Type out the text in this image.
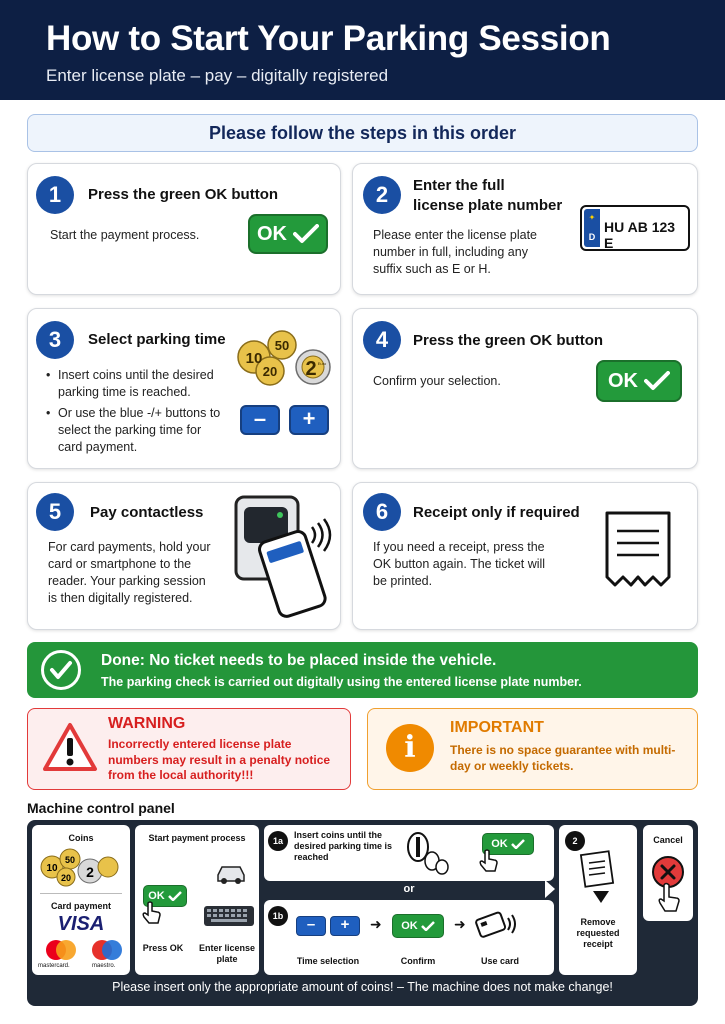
How to Start Your Parking Session
Enter license plate – pay – digitally registered
Please follow the steps in this order
1	Press the green OK button
Start the payment process.	OK
2	Enter the full
license plate number
Please enter the license plate number in full, including any suffix such as E or H.
✦
D
HU AB 123 E
3	Select parking time
• Insert coins until the desired parking time is reached.
• Or use the blue -/+ buttons to select the parking time for card payment.
10
50
20 2 Euro
–	+
4	Press the green OK button
Confirm your selection.	OK
5	Pay contactless
For card payments, hold your card or smartphone to the reader. Your parking session is then digitally registered.
6	Receipt only if required
If you need a receipt, press the OK button again. The ticket will be printed.
Done: No ticket needs to be placed inside the vehicle.
The parking check is carried out digitally using the entered license plate number.
WARNING
Incorrectly entered license plate numbers may result in a penalty notice from the local authority!!!
i
IMPORTANT
There is no space guarantee with multi-day or weekly tickets.
Machine control panel
Coins
10
50
20 2
Card payment
VISA
mastercard.	maestro.
Start payment process
OK
Press OK Enter license plate
1a
Insert coins until the desired parking time is reached
OK
or
1b	–	+	➜ OK	➜
Time selection	Confirm	Use card
2
Remove requested receipt
Cancel
Please insert only the appropriate amount of coins! – The machine does not make change!
